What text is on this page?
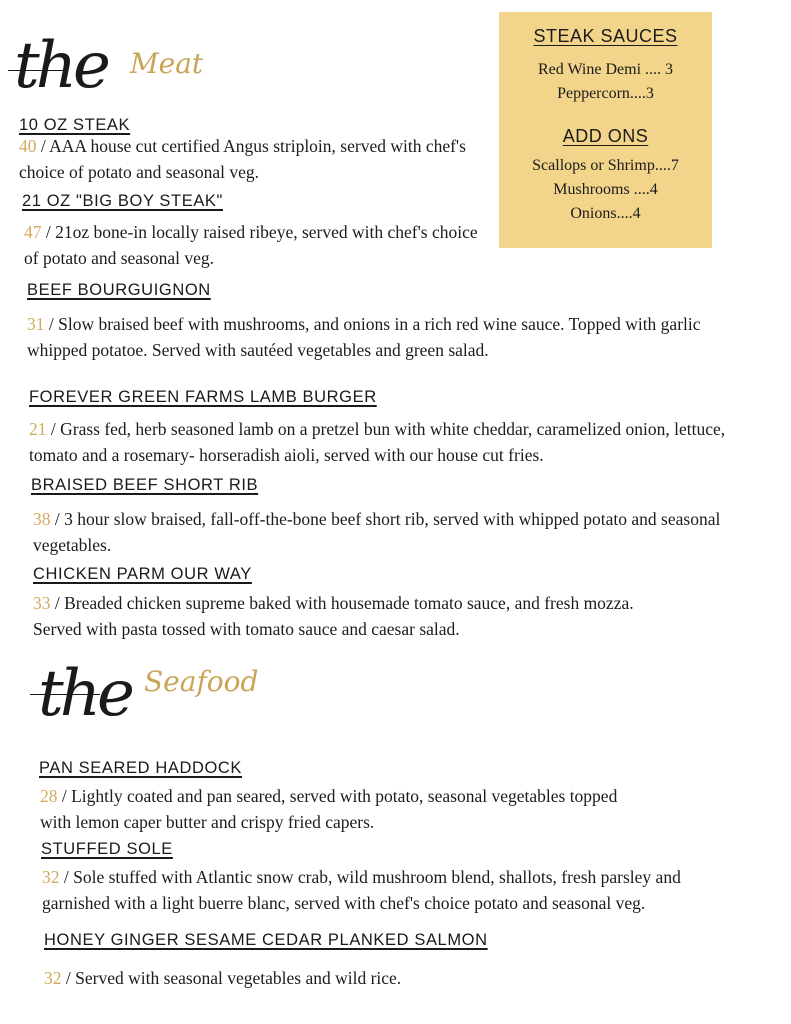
the Meat
STEAK SAUCES
Red Wine Demi .... 3
Peppercorn....3
ADD ONS
Scallops or Shrimp....7
Mushrooms ....4
Onions....4
10 OZ STEAK
40 / AAA house cut certified Angus striploin, served with chef's choice of potato and seasonal veg.
21 OZ "BIG BOY STEAK"
47 / 21oz bone-in locally raised ribeye, served with chef's choice of potato and seasonal veg.
BEEF BOURGUIGNON
31 / Slow braised beef with mushrooms, and onions in a rich red wine sauce. Topped with garlic whipped potatoe. Served with sautéed vegetables and green salad.
FOREVER GREEN FARMS LAMB BURGER
21 / Grass fed, herb seasoned lamb on a pretzel bun with white cheddar, caramelized onion, lettuce, tomato and a rosemary- horseradish aioli, served with our house cut fries.
BRAISED BEEF SHORT RIB
38 / 3 hour slow braised, fall-off-the-bone beef short rib, served with whipped potato and seasonal vegetables.
CHICKEN PARM OUR WAY
33 / Breaded chicken supreme baked with housemade tomato sauce, and fresh mozza. Served with pasta tossed with tomato sauce and caesar salad.
the Seafood
PAN SEARED HADDOCK
28 / Lightly coated and pan seared, served with potato, seasonal vegetables topped with lemon caper butter and crispy fried capers.
STUFFED SOLE
32 / Sole stuffed with Atlantic snow crab, wild mushroom blend, shallots, fresh parsley and garnished with a light buerre blanc, served with chef's choice potato and seasonal veg.
HONEY GINGER SESAME CEDAR PLANKED SALMON
32 / Served with seasonal vegetables and wild rice.
